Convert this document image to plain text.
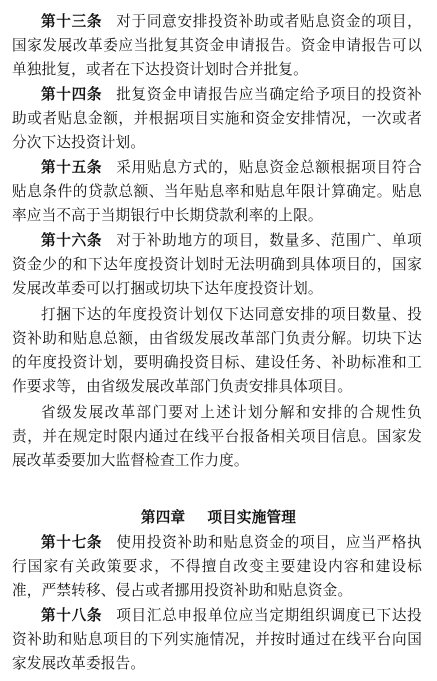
第十三条 对于同意安排投资补助或者贴息资金的项目，国家发展改革委应当批复其资金申请报告。资金申请报告可以单独批复，或者在下达投资计划时合并批复。

第十四条 批复资金申请报告应当确定给予项目的投资补助或者贴息金额，并根据项目实施和资金安排情况，一次或者分次下达投资计划。

第十五条 采用贴息方式的，贴息资金总额根据项目符合贴息条件的贷款总额、当年贴息率和贴息年限计算确定。贴息率应当不高于当期银行中长期贷款利率的上限。

第十六条 对于补助地方的项目，数量多、范围广、单项资金少的和下达年度投资计划时无法明确到具体项目的，国家发展改革委可以打捆或切块下达年度投资计划。

打捆下达的年度投资计划仅下达同意安排的项目数量、投资补助和贴息总额，由省级发展改革部门负责分解。切块下达的年度投资计划，要明确投资目标、建设任务、补助标准和工作要求等，由省级发展改革部门负责安排具体项目。

省级发展改革部门要对上述计划分解和安排的合规性负责，并在规定时限内通过在线平台报备相关项目信息。国家发展改革委要加大监督检查工作力度。

第四章 项目实施管理

第十七条 使用投资补助和贴息资金的项目，应当严格执行国家有关政策要求，不得擅自改变主要建设内容和建设标准，严禁转移、侵占或者挪用投资补助和贴息资金。

第十八条 项目汇总申报单位应当定期组织调度已下达投资补助和贴息项目的下列实施情况，并按时通过在线平台向国家发展改革委报告。
